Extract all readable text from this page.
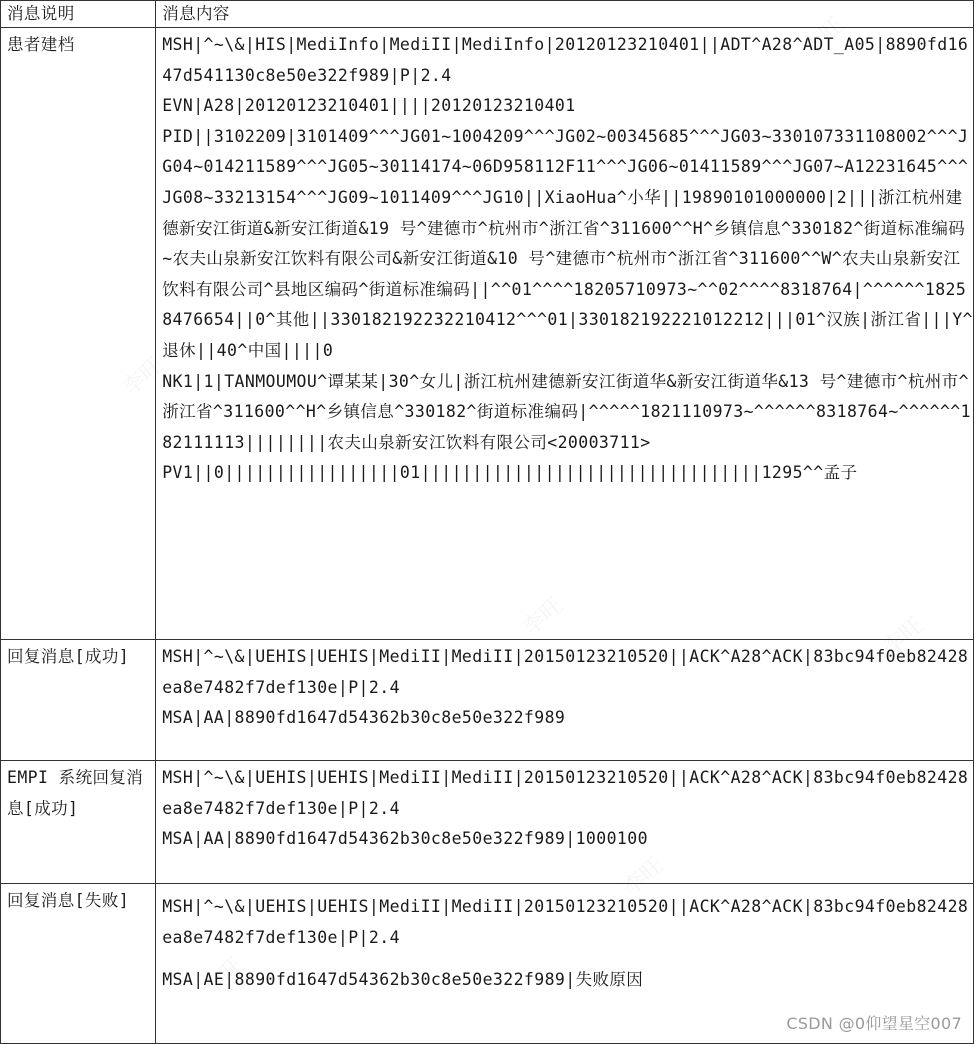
消息说明	消息内容
患者建档	MSH|^~\&|HIS|MediInfo|MediII|MediInfo|20120123210401||ADT^A28^ADT_A05|8890fd1647d541130c8e50e322f989|P|2.4
EVN|A28|20120123210401||||20120123210401
PID||3102209|3101409^^^JG01~1004209^^^JG02~00345685^^^JG03~330107331108002^^^JG04~014211589^^^JG05~30114174~06D958112F11^^^JG06~01411589^^^JG07~A12231645^^^JG08~33213154^^^JG09~1011409^^^JG10||XiaoHua^小华||19890101000000|2|||浙江杭州建德新安江街道&新安江街道&19 号^建德市^杭州市^浙江省^311600^^H^乡镇信息^330182^街道标准编码~农夫山泉新安江饮料有限公司&新安江街道&10 号^建德市^杭州市^浙江省^311600^^W^农夫山泉新安江饮料有限公司^县地区编码^街道标准编码||^^01^^^^18205710973~^^02^^^^8318764|^^^^^^18258476654||0^其他||330182192232210412^^^01|330182192221012212|||01^汉族|浙江省|||Y^退休||40^中国||||0
NK1|1|TANMOUMOU^谭某某|30^女儿|浙江杭州建德新安江街道华&新安江街道华&13 号^建德市^杭州市^浙江省^311600^^H^乡镇信息^330182^街道标准编码|^^^^^1821110973~^^^^^^8318764~^^^^^^182111113||||||||农夫山泉新安江饮料有限公司<20003711>
PV1||0|||||||||||||||||01|||||||||||||||||||||||||||||||||1295^^孟子

回复消息[成功]	MSH|^~\&|UEHIS|UEHIS|MediII|MediII|20150123210520||ACK^A28^ACK|83bc94f0eb82428ea8e7482f7def130e|P|2.4
MSA|AA|8890fd1647d54362b30c8e50e322f989

EMPI 系统回复消息[成功]	MSH|^~\&|UEHIS|UEHIS|MediII|MediII|20150123210520||ACK^A28^ACK|83bc94f0eb82428ea8e7482f7def130e|P|2.4
MSA|AA|8890fd1647d54362b30c8e50e322f989|1000100

回复消息[失败]	MSH|^~\&|UEHIS|UEHIS|MediII|MediII|20150123210520||ACK^A28^ACK|83bc94f0eb82428ea8e7482f7def130e|P|2.4
MSA|AE|8890fd1647d54362b30c8e50e322f989|失败原因
CSDN @0仰望星空007
